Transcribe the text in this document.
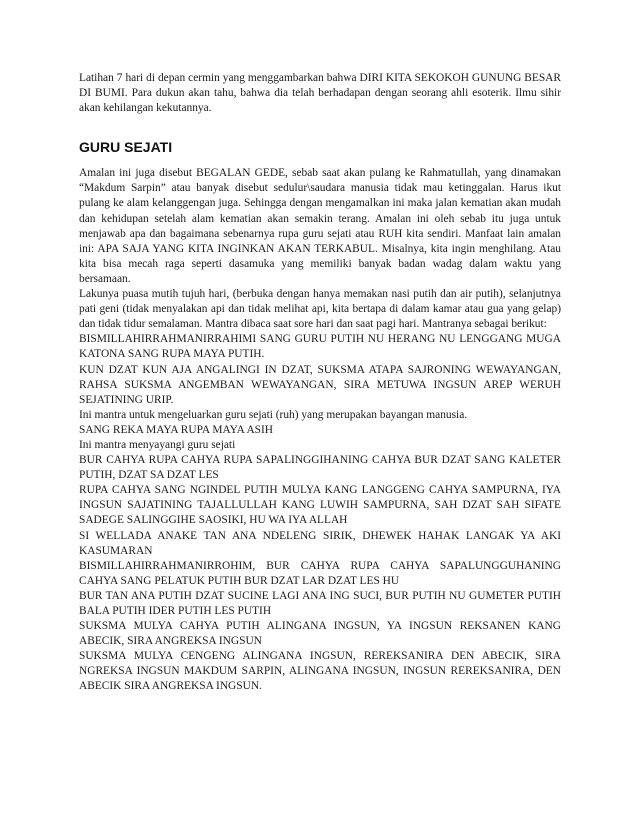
Latihan 7 hari di depan cermin yang menggambarkan bahwa DIRI KITA SEKOKOH GUNUNG BESAR DI BUMI. Para dukun akan tahu, bahwa dia telah berhadapan dengan seorang ahli esoterik. Ilmu sihir akan kehilangan kekutannya.

GURU SEJATI

Amalan ini juga disebut BEGALAN GEDE, sebab saat akan pulang ke Rahmatullah, yang dinamakan “Makdum Sarpin” atau banyak disebut sedulur\saudara manusia tidak mau ketinggalan. Harus ikut pulang ke alam kelanggengan juga. Sehingga dengan mengamalkan ini maka jalan kematian akan mudah dan kehidupan setelah alam kematian akan semakin terang. Amalan ini oleh sebab itu juga untuk menjawab apa dan bagaimana sebenarnya rupa guru sejati atau RUH kita sendiri. Manfaat lain amalan ini: APA SAJA YANG KITA INGINKAN AKAN TERKABUL. Misalnya, kita ingin menghilang. Atau kita bisa mecah raga seperti dasamuka yang memiliki banyak badan wadag dalam waktu yang bersamaan.

Lakunya puasa mutih tujuh hari, (berbuka dengan hanya memakan nasi putih dan air putih), selanjutnya pati geni (tidak menyalakan api dan tidak melihat api, kita bertapa di dalam kamar atau gua yang gelap) dan tidak tidur semalaman. Mantra dibaca saat sore hari dan saat pagi hari. Mantranya sebagai berikut:

BISMILLAHIRRAHMANIRRAHIMI SANG GURU PUTIH NU HERANG NU LENGGANG MUGA KATONA SANG RUPA MAYA PUTIH.

KUN DZAT KUN AJA ANGALINGI IN DZAT, SUKSMA ATAPA SAJRONING WEWAYANGAN, RAHSA SUKSMA ANGEMBAN WEWAYANGAN, SIRA METUWA INGSUN AREP WERUH SEJATINING URIP.

Ini mantra untuk mengeluarkan guru sejati (ruh) yang merupakan bayangan manusia.

SANG REKA MAYA RUPA MAYA ASIH

Ini mantra menyayangi guru sejati

BUR CAHYA RUPA CAHYA RUPA SAPALINGGIHANING CAHYA BUR DZAT SANG KALETER PUTIH, DZAT SA DZAT LES

RUPA CAHYA SANG NGINDEL PUTIH MULYA KANG LANGGENG CAHYA SAMPURNA, IYA INGSUN SAJATINING TAJALLULLAH KANG LUWIH SAMPURNA, SAH DZAT SAH SIFATE SADEGE SALINGGIHE SAOSIKI, HU WA IYA ALLAH

SI WELLADA ANAKE TAN ANA NDELENG SIRIK, DHEWEK HAHAK LANGAK YA AKI KASUMARAN

BISMILLAHIRRAHMANIRROHIM, BUR CAHYA RUPA CAHYA SAPALUNGGUHANING CAHYA SANG PELATUK PUTIH BUR DZAT LAR DZAT LES HU

BUR TAN ANA PUTIH DZAT SUCINE LAGI ANA ING SUCI, BUR PUTIH NU GUMETER PUTIH BALA PUTIH IDER PUTIH LES PUTIH

SUKSMA MULYA CAHYA PUTIH ALINGANA INGSUN, YA INGSUN REKSANEN KANG ABECIK, SIRA ANGREKSA INGSUN

SUKSMA MULYA CENGENG ALINGANA INGSUN, REREKSANIRA DEN ABECIK, SIRA NGREKSA INGSUN MAKDUM SARPIN, ALINGANA INGSUN, INGSUN REREKSANIRA, DEN ABECIK SIRA ANGREKSA INGSUN.
